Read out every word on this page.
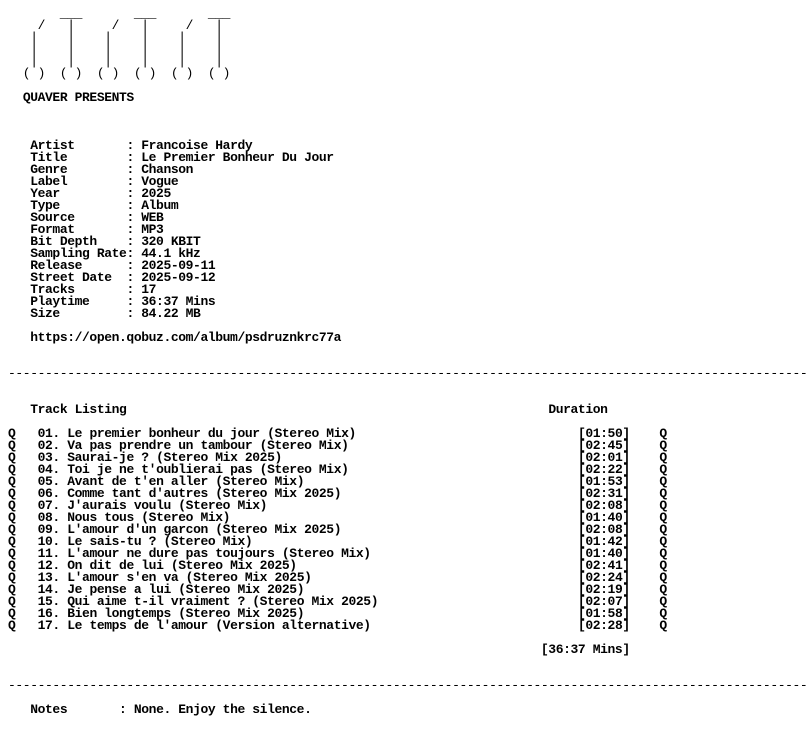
___       ___       ___
/   |     /   |     /   |
|    |    |    |    |    |
|    |    |    |    |    |
|    |    |    |    |    |
( )  ( )  ( )  ( )  ( )  ( )

QUAVER PRESENTS

Artist       : Francoise Hardy
Title        : Le Premier Bonheur Du Jour
Genre        : Chanson
Label        : Vogue
Year         : 2025
Type         : Album
Source       : WEB
Format       : MP3
Bit Depth    : 320 KBIT
Sampling Rate: 44.1 kHz
Release      : 2025-09-11
Street Date  : 2025-09-12
Tracks       : 17
Playtime     : 36:37 Mins
Size         : 84.22 MB

https://open.qobuz.com/album/psdruznkrc77a

------------------------------------------------------------------------------------------------------------

Track Listing	Duration

Q 01. Le premier bonheur du jour (Stereo Mix)	[01:50] Q
Q 02. Va pas prendre un tambour (Stereo Mix)	[02:45] Q
Q 03. Saurai-je ? (Stereo Mix 2025)	[02:01] Q
Q 04. Toi je ne t'oublierai pas (Stereo Mix)	[02:22] Q
Q 05. Avant de t'en aller (Stereo Mix)	[01:53] Q
Q 06. Comme tant d'autres (Stereo Mix 2025)	[02:31] Q
Q 07. J'aurais voulu (Stereo Mix)	[02:08] Q
Q 08. Nous tous (Stereo Mix)	[01:40] Q
Q 09. L'amour d'un garcon (Stereo Mix 2025)	[02:08] Q
Q 10. Le sais-tu ? (Stereo Mix)	[01:42] Q
Q 11. L'amour ne dure pas toujours (Stereo Mix)	[01:40] Q
Q 12. On dit de lui (Stereo Mix 2025)	[02:41] Q
Q 13. L'amour s'en va (Stereo Mix 2025)	[02:24] Q
Q 14. Je pense a lui (Stereo Mix 2025)	[02:19] Q
Q 15. Qui aime t-il vraiment ? (Stereo Mix 2025)	[02:07] Q
Q 16. Bien longtemps (Stereo Mix 2025)	[01:58] Q
Q 17. Le temps de l'amour (Version alternative)	[02:28] Q

[36:37 Mins]

------------------------------------------------------------------------------------------------------------

Notes       : None. Enjoy the silence.
